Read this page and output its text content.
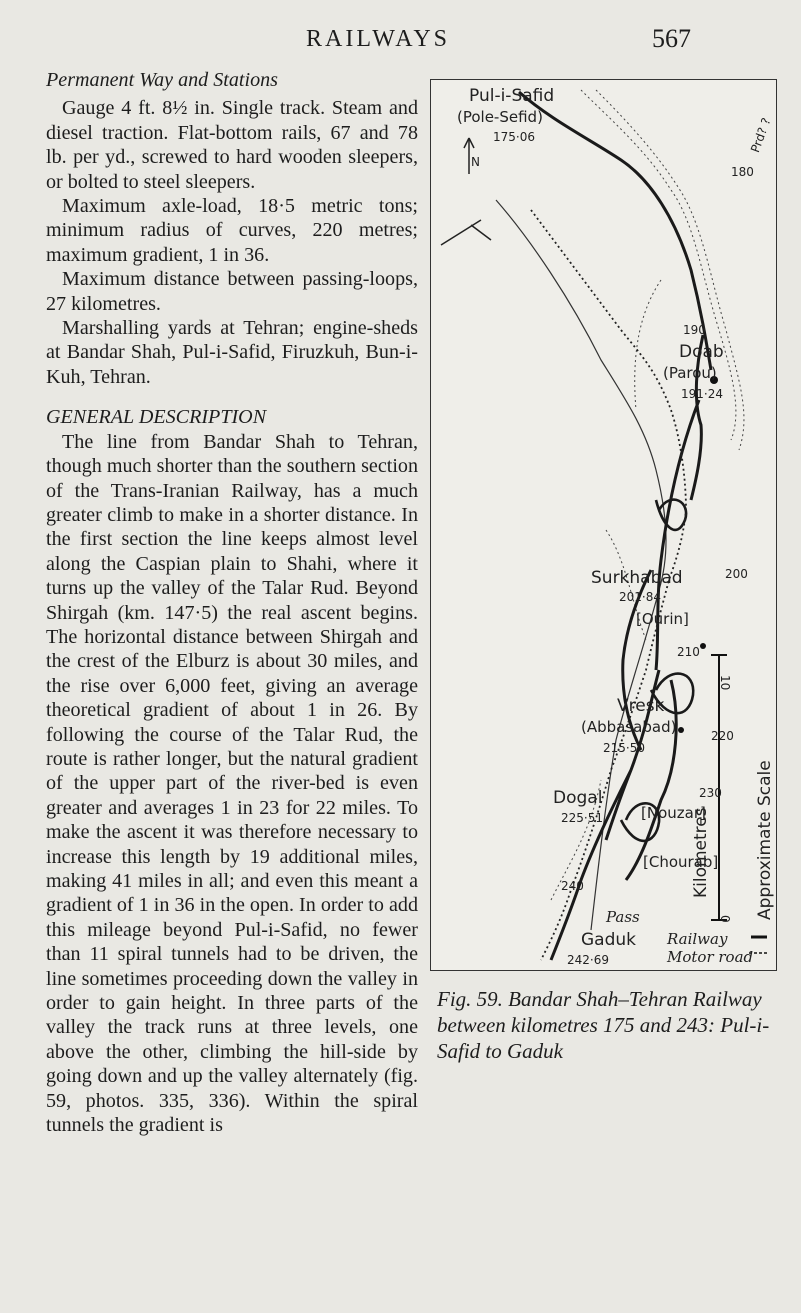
RAILWAYS	567

Permanent Way and Stations

Gauge 4 ft. 8½ in. Single track. Steam and diesel traction. Flat-bottom rails, 67 and 78 lb. per yd., screwed to hard wooden sleepers, or bolted to steel sleepers.

Maximum axle-load, 18·5 metric tons; minimum radius of curves, 220 metres; maximum gradient, 1 in 36.

Maximum distance between passing-loops, 27 kilometres.

Marshalling yards at Tehran; engine-sheds at Bandar Shah, Pul-i-Safid, Firuzkuh, Bun-i-Kuh, Tehran.

GENERAL DESCRIPTION

The line from Bandar Shah to Tehran, though much shorter than the southern section of the Trans-Iranian Railway, has a much greater climb to make in a shorter distance. In the first section the line keeps almost level along the Caspian plain to Shahi, where it turns up the valley of the Talar Rud. Beyond Shirgah (km. 147·5) the real ascent begins. The horizontal distance between Shirgah and the crest of the Elburz is about 30 miles, and the rise over 6,000 feet, giving an average theoretical gradient of about 1 in 26. By following the course of the Talar Rud, the route is rather longer, but the natural gradient of the upper part of the river-bed is even greater and averages 1 in 23 for 22 miles. To make the ascent it was therefore necessary to increase this length by 19 additional miles, making 41 miles in all; and even this meant a gradient of 1 in 36 in the open. In order to add this mileage beyond Pul-i-Safid, no fewer than 11 spiral tunnels had to be driven, the line sometimes proceeding down the valley in order to gain height. In three parts of the valley the track runs at three levels, one above the other, climbing the hill-side by going down and up the valley alternately (fig. 59, photos. 335, 336). Within the spiral tunnels the gradient is

Pul-i-Safid
(Pole-Sefid)
175·06
N
Prd? ?
180
190
Doab
(Parou)
191·24
200
Surkhabad
201·84
[Ourin]
210
Vresk
(Abbasabad)
215·50
220
230
Dogal
225·51	[Nouzar]
[Chourab]
240
Pass
Gaduk
242·69
Railway
Motor road
10
0
Kilometres	Approximate Scale
Fig. 59. Bandar Shah–Tehran Railway between kilometres 175 and 243: Pul-i-Safid to Gaduk
